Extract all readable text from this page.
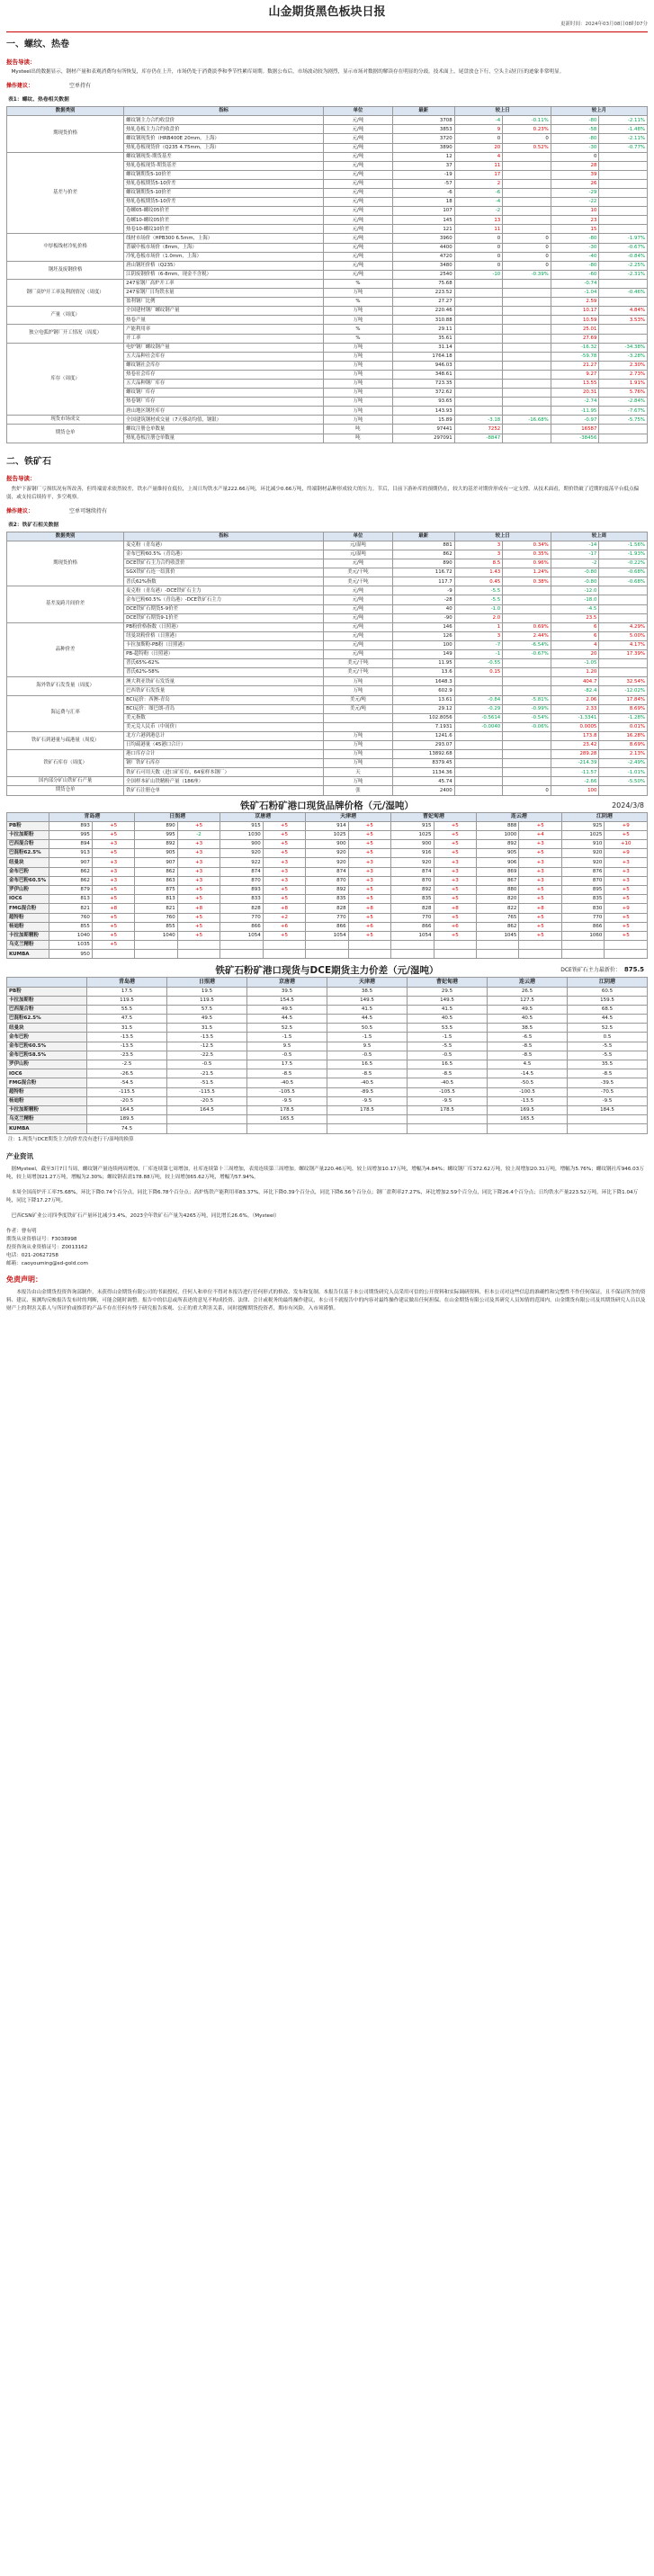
山金期货黑色板块日报
更新时间：2024年03月08日08时07分
一、螺纹、热卷
报告导读：
Mysteel出的数据显示，钢材产量和表观消费均有所恢复，库存仍在上升，市场仍处于消费淡季和季节性累库周期。数据公布后，市场波动较为剧烈，显示市场对数据的解读存在明显的分歧。技术面上，尾盘放仓下行，空头主动打压的迹象非常明显。
操作建议：	空单持有
表1：螺纹、热卷相关数据
数据类别	指标	单位	最新	较上日		较上月	
期现货价格	螺纹钢主力合约收盘价	元/吨	3708	-4	-0.11%	-80	-2.11%
	热轧卷板主力合约收盘价	元/吨	3853	9	0.23%	-58	-1.48%
	螺纹钢现货价（HRB400E 20mm，上海）	元/吨	3720	0	0	-80	-2.11%
	热轧卷板现货价（Q235 4.75mm，上海）	元/吨	3890	20	0.52%	-30	-0.77%
基差与价差	螺纹钢现货-期货基差	元/吨	12	4		0	
	热轧卷板现货-期货基差	元/吨	37	11		28	
	螺纹钢期货5-10价差	元/吨	-19	17		39	
	热轧卷板期货5-10价差	元/吨	-57	2		26	
	螺纹钢期货5-10价差	元/吨	-6	-6		-29	
	热轧卷板期货5-10价差	元/吨	18	-4		-22	
	卷螺05-螺纹05价差	元/吨	107	-2		10	
	卷螺10-螺纹05价差	元/吨	145	13		23	
	热卷10-螺纹10价差	元/吨	121	11		15	
中厚板线材冷轧价格	线材市场价（HPB300 6.5mm，上海）	元/吨	3960	0	0	-80	-1.97%
	普碳中板市场价（8mm，上海）	元/吨	4400	0	0	-30	-0.67%
	冷轧卷板市场价（1.0mm，上海）	元/吨	4720	0	0	-40	-0.84%
钢坯及废钢价格	唐山钢坯价格（Q235）	元/吨	3480	0	0	-80	-2.25%
	江阴废钢价格（6-8mm，现金不含税）	元/吨	2540	-10	-0.39%	-60	-2.31%
钢厂高炉开工率及利润情况（周度）	247家钢厂高炉开工率	%	75.68			-0.74	
	247家钢厂日均铁水量	万吨	223.52			-1.04	-0.46%
	盈利钢厂比例	%	27.27			2.59	
产量（周度）	全国建材钢厂螺纹钢产量	万吨	220.46			10.17	4.84%
	热卷产量	万吨	310.88			10.59	3.53%
独立电弧炉钢厂开工情况（周度）	产能利用率	%	29.11			25.01	
	开工率	%	35.61			27.69	
库存（周度）	电炉钢厂螺纹钢产量	万吨	31.14			-16.32	-34.38%
	五大品种社会库存	万吨	1764.18			-59.78	-3.28%
	螺纹钢社会库存	万吨	946.03			21.27	2.30%
	热卷社会库存	万吨	348.61			9.27	2.73%
	五大品种钢厂库存	万吨	723.35			13.55	1.91%
	螺纹钢厂库存	万吨	372.62			20.31	5.76%
	热卷钢厂库存	万吨	93.65			-2.74	-2.84%
	唐山地区钢坯库存	万吨	143.93			-11.95	-7.67%
现货市场成交	全国建筑钢材成交量（7天移动均值，钢银）	万吨	15.89	-3.18	-16.68%	-0.97	-5.75%
期货仓单	螺纹注册仓单数量	吨	97441	7252		16587	
	热轧卷板注册仓单数量	吨	297091	-8847		-38456	
二、铁矿石
报告导读：
焦炉下游钢厂亏损状况有所改善，但终端需求依然较差，铁水产量维持在低位，上周日均铁水产量222.66万吨，环比减少0.66万吨，终端钢材品种形成较大的压力。节后，目前下游补库的预期仍在，较大的基差对期价形成有一定支撑。从技术面看，期价铁破了近期的震荡平台低点偏弱，或支持后续持平，多空观察。
操作建议：	空单可继续持有
表2：铁矿石相关数据
数据类别	指标	单位	最新	较上日		较上周	
期现货价格	麦克粉（青岛港）	元/湿吨	881	3	0.34%	-14	-1.56%
	金布巴粉60.5%（青岛港）	元/湿吨	862	3	0.35%	-17	-1.93%
	DCE铁矿石主力合约收盘价	元/吨	890	8.5	0.96%	-2	-0.22%
	SGX铁矿石连一结算价	美元/干吨	116.72	1.43	1.24%	-0.80	-0.68%
	普氏62%指数	美元/干吨	117.7	0.45	0.38%	-0.80	-0.68%
基差及跨月间价差	麦克粉（青岛港）-DCE铁矿石主力	元/吨	-9	-5.5		-12.0	
	金布巴粉60.5%（青岛港）-DCE铁矿石主力	元/吨	-28	-5.5		-18.0	
	DCE铁矿石期货5-9价差	元/吨	40	-1.0		-4.5	
	DCE铁矿石期货9-1价差	元/吨	-90	2.0		23.5	
品种价差	PB粉价格指数（日照港）	元/吨	146	1	0.69%	6	4.29%
	纽曼块粉价格（日照港）	元/吨	126	3	2.44%	6	5.00%
	卡拉加斯粉-PB粉（日照港）	元/吨	100	-7	-6.54%	4	4.17%
	PB-超特粉（日照港）	元/吨	149	-1	-0.67%	20	17.39%
	普氏65%-62%	美元/干吨	11.95	-0.55		-1.05	
	普氏62%-58%	美元/干吨	13.6	0.15		1.20	
海外铁矿石发货量（周度）	澳大利亚铁矿石发货量	万吨	1648.3			404.7	32.54%
	巴西铁矿石发货量	万吨	602.9			-82.4	-12.02%
海运费与汇率	BCI运价：西澳-青岛	美元/吨	13.61	-0.84	-5.81%	2.06	17.84%
	BCI运价：图巴朗-青岛	美元/吨	29.12	-0.29	-0.99%	2.33	8.69%
	美元指数		102.8056	-0.5614	-0.54%	-1.3341	-1.28%
	美元兑人民币（中间价）		7.1931	-0.0040	-0.06%	0.0005	0.01%
铁矿石到港量与疏港量（周度）	北方六港到港总计	万吨	1241.6			173.8	16.28%
	日均疏港量（45港口合计）	万吨	293.07			23.42	8.69%
铁矿石库存（周度）	港口库存合计	万吨	13892.68			289.28	2.13%
	钢厂铁矿石库存	万吨	8379.45			-214.39	-2.49%
	铁矿石可用天数（进口矿库存，64家样本钢厂）	天	1134.36			-11.57	-1.01%
国内部分矿山铁矿石产量	全国样本矿山铁精粉产量（186座）	万吨	45.74			-2.66	-5.50%
期货仓单	铁矿石注册仓单	张	2400		0	100	
铁矿石粉矿港口现货品牌价格（元/湿吨）	2024/3/8
	青岛港		日照港		京唐港		天津港		曹妃甸港		连云港		江阴港	
PB粉	893	+5	890	+5	915	+5	914	+5	915	+5	888	+5	925	+9
卡拉加斯粉	995	+5	995	-2	1030	+5	1025	+5	1025	+5	1000	+4	1025	+5
巴西混合粉	894	+3	892	+3	900	+5	900	+5	900	+5	892	+3	910	+10
巴混粉62.5%	913	+5	905	+3	920	+5	920	+5	916	+5	905	+5	920	+9
纽曼块	907	+3	907	+3	922	+3	920	+3	920	+3	906	+3	920	+3
金布巴粉	862	+3	862	+3	874	+3	874	+3	874	+3	869	+3	876	+3
金布巴粉60.5%	862	+3	863	+3	870	+3	870	+3	870	+3	867	+3	870	+3
罗伊山粉	879	+5	875	+5	893	+5	892	+5	892	+5	880	+5	895	+5
IOC6	813	+5	813	+5	833	+5	835	+5	835	+5	820	+5	835	+5
FMG混合粉	821	+8	821	+8	828	+8	828	+8	828	+8	822	+8	830	+9
超特粉	760	+5	760	+5	770	+2	770	+5	770	+5	765	+5	770	+5
杨迪粉	855	+5	855	+5	866	+6	866	+6	866	+6	862	+5	866	+5
卡拉加斯精粉	1040	+5	1040	+5	1054	+5	1054	+5	1054	+5	1045	+5	1060	+5
乌克兰精粉	1035	+5												
KUMBA	950													
铁矿石粉矿港口现货与DCE期货主力价差（元/湿吨）	DCE铁矿石主力最新价： 875.5
	青岛港	日照港	京唐港	天津港	曹妃甸港	连云港	江阴港
PB粉	17.5	19.5	39.5	38.5	29.5	26.5	60.5
卡拉加斯粉	119.5	119.5	154.5	149.5	149.5	127.5	159.5
巴西混合粉	55.5	57.5	49.5	41.5	41.5	49.5	68.5
巴混粉62.5%	47.5	49.5	44.5	44.5	40.5	40.5	44.5
纽曼块	31.5	31.5	52.5	50.5	53.5	38.5	52.5
金布巴粉	-13.5	-13.5	-1.5	-1.5	-1.5	-6.5	0.5
金布巴粉60.5%	-13.5	-12.5	9.5	9.5	-5.5	-8.5	-5.5
金布巴粉58.5%	-23.5	-22.5	-0.5	-0.5	-0.5	-8.5	-5.5
罗伊山粉	-2.5	-0.5	17.5	16.5	16.5	4.5	35.5
IOC6	-26.5	-21.5	-8.5	-8.5	-8.5	-14.5	-8.5
FMG混合粉	-54.5	-51.5	-40.5	-40.5	-40.5	-50.5	-39.5
超特粉	-115.5	-115.5	-105.5	-89.5	-105.5	-100.5	-70.5
杨迪粉	-20.5	-20.5	-9.5	-9.5	-9.5	-13.5	-9.5
卡拉加斯精粉	164.5	164.5	178.5	178.5	178.5	169.5	184.5
乌克兰精粉	189.5		165.5			165.5	
KUMBA	74.5						
注：1.现货与DCE期货主力的价差没有进行干/湿吨的换算
产业资讯
据Mysteel，截至3月7日当周，螺纹钢产量连续两周增加，厂库连续第七周增加，社库连续第十三周增加，表需连续第三周增加。螺纹钢产量220.46万吨，较上周增加10.17万吨，增幅为4.84%；螺纹钢厂库372.62万吨，较上周增加20.31万吨，增幅为5.76%；螺纹钢社库946.03万吨，较上周增加21.27万吨，增幅为2.30%；螺纹钢表需178.88万吨，较上周增加65.62万吨，增幅为57.94%。
本周全国高炉开工率75.68%，环比下降0.74个百分点，同比下降6.78个百分点；高炉炼铁产能利用率83.37%，环比下降0.39个百分点，同比下降6.56个百分点；钢厂盈利率27.27%，环比增加2.59个百分点，同比下降26.4个百分点；日均铁水产量223.52万吨，环比下降1.04万吨，同比下降17.27万吨。
巴西CSN矿业公司四季度铁矿石产量环比减少3.4%，2023全年铁矿石产量为4265万吨，同比增长26.6%。（Mysteel）
作者：曹有明
期货从业资格证号：F3038998
投资咨询从业资格证号：Z0013162
电话：021-20627258
邮箱：caoyouming@sd-gold.com
免责声明：
本报告由山金期货投资咨询部制作，未获得山金期货有限公司的书面授权，任何人和单位不得对本报告进行任何形式的修改、发布和复制。本报告仅基于本公司期货研究人员采用可信的公开资料和实际调研资料，但本公司对这些信息的准确性和完整性不作任何保证，且不保证所含的资料、建议、预测均反映报告发布时的判断，可能会随时调整。报告中的信息或所表述的意见不构成投资、法律、会计或税务的最终操作建议，本公司不就报告中的内容对最终操作建议做出任何担保。在山金期货有限公司及其研究人员知情的范围内，山金期货有限公司及其期货研究人员以及财产上的利害关系人与所评价或推荐的产品不存在任何有悖于研究报告客观、公正的重大利害关系，同时提醒期货投资者，期市有风险，入市须谨慎。
